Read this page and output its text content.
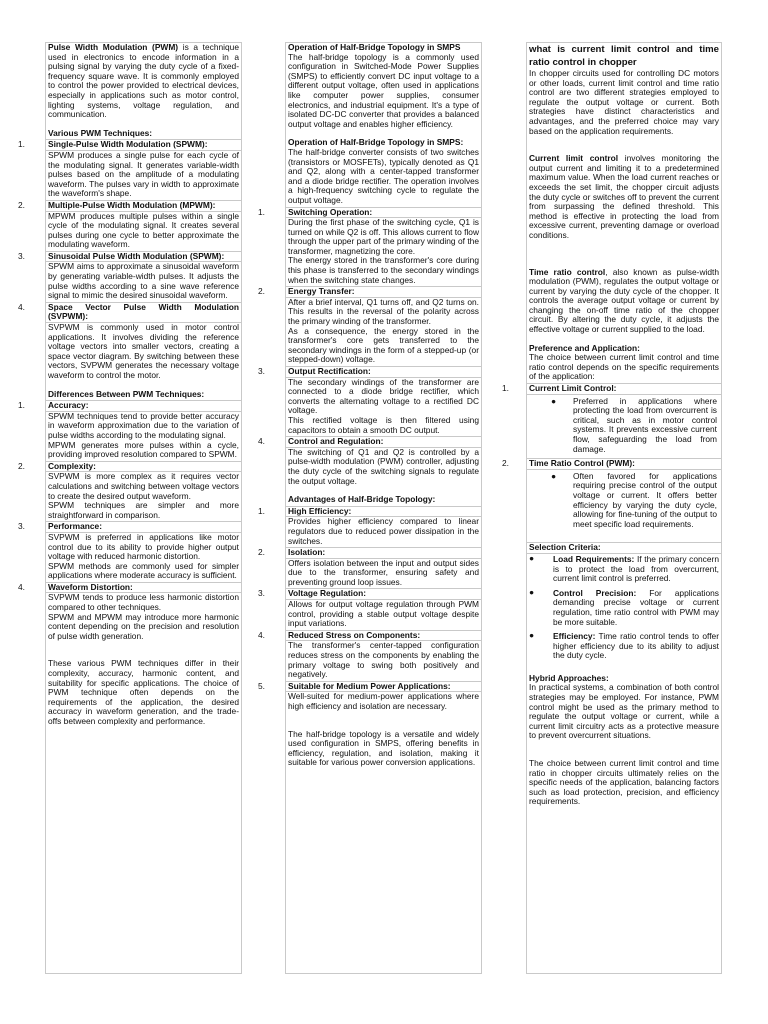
Pulse Width Modulation (PWM) is a technique used in electronics to encode information in a pulsing signal by varying the duty cycle of a fixed-frequency square wave. It is commonly employed to control the power provided to electrical devices, especially in applications such as motor control, lighting systems, voltage regulation, and communication.
Various PWM Techniques:
1.	Single-Pulse Width Modulation (SPWM):
SPWM produces a single pulse for each cycle of the modulating signal. It generates variable-width pulses based on the amplitude of a modulating waveform. The pulses vary in width to approximate the waveform's shape.
2.	Multiple-Pulse Width Modulation (MPWM):
MPWM produces multiple pulses within a single cycle of the modulating signal. It creates several pulses during one cycle to better approximate the modulating waveform.
3.	Sinusoidal Pulse Width Modulation (SPWM):
SPWM aims to approximate a sinusoidal waveform by generating variable-width pulses. It adjusts the pulse widths according to a sine wave reference signal to mimic the desired sinusoidal waveform.
4.	Space Vector Pulse Width Modulation (SVPWM):
SVPWM is commonly used in motor control applications. It involves dividing the reference voltage vectors into smaller vectors, creating a space vector diagram. By switching between these vectors, SVPWM generates the necessary voltage waveform to control the motor.
Differences Between PWM Techniques:
1.	Accuracy:
SPWM techniques tend to provide better accuracy in waveform approximation due to the variation of pulse widths according to the modulating signal.
MPWM generates more pulses within a cycle, providing improved resolution compared to SPWM.
2.	Complexity:
SVPWM is more complex as it requires vector calculations and switching between voltage vectors to create the desired output waveform.
SPWM techniques are simpler and more straightforward in comparison.
3.	Performance:
SVPWM is preferred in applications like motor control due to its ability to provide higher output voltage with reduced harmonic distortion.
SPWM methods are commonly used for simpler applications where moderate accuracy is sufficient.
4.	Waveform Distortion:
SVPWM tends to produce less harmonic distortion compared to other techniques.
SPWM and MPWM may introduce more harmonic content depending on the precision and resolution of pulse width generation.
These various PWM techniques differ in their complexity, accuracy, harmonic content, and suitability for specific applications. The choice of PWM technique often depends on the requirements of the application, the desired accuracy in waveform generation, and the trade-offs between complexity and performance.
Operation of Half-Bridge Topology in SMPS
The half-bridge topology is a commonly used configuration in Switched-Mode Power Supplies (SMPS) to efficiently convert DC input voltage to a different output voltage, often used in applications like computer power supplies, consumer electronics, and industrial equipment. It's a type of isolated DC-DC converter that provides a balanced output voltage and enables higher efficiency.
Operation of Half-Bridge Topology in SMPS:
The half-bridge converter consists of two switches (transistors or MOSFETs), typically denoted as Q1 and Q2, along with a center-tapped transformer and a diode bridge rectifier. The operation involves a high-frequency switching cycle to regulate the output voltage.
1.	Switching Operation:
During the first phase of the switching cycle, Q1 is turned on while Q2 is off. This allows current to flow through the upper part of the primary winding of the transformer, magnetizing the core.
The energy stored in the transformer's core during this phase is transferred to the secondary windings when the switching state changes.
2.	Energy Transfer:
After a brief interval, Q1 turns off, and Q2 turns on. This results in the reversal of the polarity across the primary winding of the transformer.
As a consequence, the energy stored in the transformer's core gets transferred to the secondary windings in the form of a stepped-up (or stepped-down) voltage.
3.	Output Rectification:
The secondary windings of the transformer are connected to a diode bridge rectifier, which converts the alternating voltage to a rectified DC voltage.
This rectified voltage is then filtered using capacitors to obtain a smooth DC output.
4.	Control and Regulation:
The switching of Q1 and Q2 is controlled by a pulse-width modulation (PWM) controller, adjusting the duty cycle of the switching signals to regulate the output voltage.
Advantages of Half-Bridge Topology:
1.	High Efficiency:
Provides higher efficiency compared to linear regulators due to reduced power dissipation in the switches.
2.	Isolation:
Offers isolation between the input and output sides due to the transformer, ensuring safety and preventing ground loop issues.
3.	Voltage Regulation:
Allows for output voltage regulation through PWM control, providing a stable output voltage despite input variations.
4.	Reduced Stress on Components:
The transformer's center-tapped configuration reduces stress on the components by enabling the primary voltage to swing both positively and negatively.
5.	Suitable for Medium Power Applications:
Well-suited for medium-power applications where high efficiency and isolation are necessary.
The half-bridge topology is a versatile and widely used configuration in SMPS, offering benefits in efficiency, regulation, and isolation, making it suitable for various power conversion applications.
what is current limit control and time ratio control in chopper
In chopper circuits used for controlling DC motors or other loads, current limit control and time ratio control are two different strategies employed to regulate the output voltage or current. Both strategies have distinct characteristics and advantages, and the preferred choice may vary based on the application requirements.
Current limit control involves monitoring the output current and limiting it to a predetermined maximum value. When the load current reaches or exceeds the set limit, the chopper circuit adjusts the duty cycle or switches off to prevent the current from surpassing the defined threshold. This method is effective in protecting the load from excessive current, preventing damage or overload conditions.
Time ratio control, also known as pulse-width modulation (PWM), regulates the output voltage or current by varying the duty cycle of the chopper. It controls the average output voltage or current by changing the on-off time ratio of the chopper circuit. By altering the duty cycle, it adjusts the effective voltage or current supplied to the load.
Preference and Application:
The choice between current limit control and time ratio control depends on the specific requirements of the application:
1.	Current Limit Control:
● Preferred in applications where protecting the load from overcurrent is critical, such as in motor control systems. It prevents excessive current flow, safeguarding the load from damage.
2.	Time Ratio Control (PWM):
● Often favored for applications requiring precise control of the output voltage or current. It offers better efficiency by varying the duty cycle, allowing for fine-tuning of the output to meet specific load requirements.
Selection Criteria:
● Load Requirements: If the primary concern is to protect the load from overcurrent, current limit control is preferred.
● Control Precision: For applications demanding precise voltage or current regulation, time ratio control with PWM may be more suitable.
● Efficiency: Time ratio control tends to offer higher efficiency due to its ability to adjust the duty cycle.
Hybrid Approaches:
In practical systems, a combination of both control strategies may be employed. For instance, PWM control might be used as the primary method to regulate the output voltage or current, while a current limit circuitry acts as a protective measure to prevent overcurrent situations.
The choice between current limit control and time ratio in chopper circuits ultimately relies on the specific needs of the application, balancing factors such as load protection, precision, and efficiency requirements.
